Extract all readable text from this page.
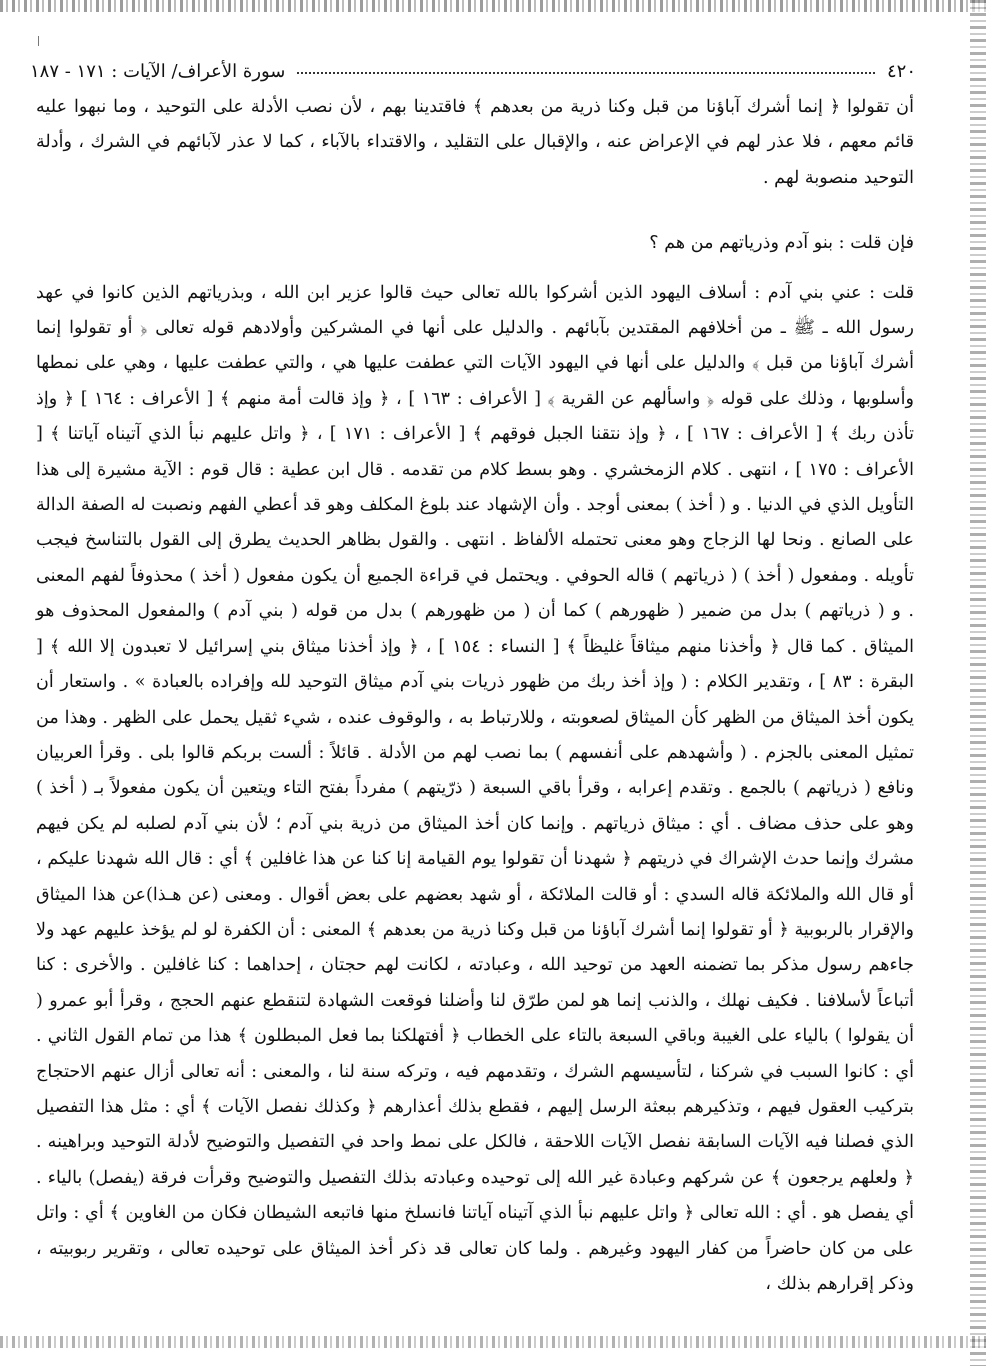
٤٢٠
سورة الأعراف/ الآيات : ١٧١ - ١٨٧

أن تقولوا ﴿ إنما أشرك آباؤنا من قبل وكنا ذرية من بعدهم ﴾ فاقتدينا بهم ، لأن نصب الأدلة على التوحيد ، وما نبهوا عليه قائم معهم ، فلا عذر لهم في الإعراض عنه ، والإقبال على التقليد ، والاقتداء بالآباء ، كما لا عذر لآبائهم في الشرك ، وأدلة التوحيد منصوبة لهم .

فإن قلت : بنو آدم وذرياتهم من هم ؟

قلت : عني بني آدم : أسلاف اليهود الذين أشركوا بالله تعالى حيث قالوا عزير ابن الله ، وبذرياتهم الذين كانوا في عهد رسول الله ـ ﷺ ـ من أخلافهم المقتدين بآبائهم . والدليل على أنها في المشركين وأولادهم قوله تعالى ﴿ أو تقولوا إنما أشرك آباؤنا من قبل ﴾ والدليل على أنها في اليهود الآيات التي عطفت عليها هي ، والتي عطفت عليها ، وهي على نمطها وأسلوبها ، وذلك على قوله ﴿ واسألهم عن القرية ﴾ [ الأعراف : ١٦٣ ] ، ﴿ وإذ قالت أمة منهم ﴾ [ الأعراف : ١٦٤ ] ﴿ وإذ تأذن ربك ﴾ [ الأعراف : ١٦٧ ] ، ﴿ وإذ نتقنا الجبل فوقهم ﴾ [ الأعراف : ١٧١ ] ، ﴿ واتل عليهم نبأ الذي آتيناه آياتنا ﴾ [ الأعراف : ١٧٥ ] ، انتهى . كلام الزمخشري . وهو بسط كلام من تقدمه . قال ابن عطية : قال قوم : الآية مشيرة إلى هذا التأويل الذي في الدنيا . و ( أخذ ) بمعنى أوجد . وأن الإشهاد عند بلوغ المكلف وهو قد أعطي الفهم ونصبت له الصفة الدالة على الصانع . ونحا لها الزجاج وهو معنى تحتمله الألفاظ . انتهى . والقول بظاهر الحديث يطرق إلى القول بالتناسخ فيجب تأويله . ومفعول ( أخذ ) ( ذرياتهم ) قاله الحوفي . ويحتمل في قراءة الجميع أن يكون مفعول ( أخذ ) محذوفاً لفهم المعنى . و ( ذرياتهم ) بدل من ضمير ( ظهورهم ) كما أن ( من ظهورهم ) بدل من قوله ( بني آدم ) والمفعول المحذوف هو الميثاق . كما قال ﴿ وأخذنا منهم ميثاقاً غليظاً ﴾ [ النساء : ١٥٤ ] ، ﴿ وإذ أخذنا ميثاق بني إسرائيل لا تعبدون إلا الله ﴾ [ البقرة : ٨٣ ] ، وتقدير الكلام : ( وإذ أخذ ربك من ظهور ذريات بني آدم ميثاق التوحيد لله وإفراده بالعبادة » . واستعار أن يكون أخذ الميثاق من الظهر كأن الميثاق لصعوبته ، وللارتباط به ، والوقوف عنده ، شيء ثقيل يحمل على الظهر . وهذا من تمثيل المعنى بالجزم . ( وأشهدهم على أنفسهم ) بما نصب لهم من الأدلة . قائلاً : ألست بربكم قالوا بلى . وقرأ العربيان ونافع ( ذرياتهم ) بالجمع . وتقدم إعرابه ، وقرأ باقي السبعة ( ذرّيتهم ) مفرداً بفتح التاء ويتعين أن يكون مفعولاً بـ ( أخذ ) وهو على حذف مضاف . أي : ميثاق ذرياتهم . وإنما كان أخذ الميثاق من ذرية بني آدم ؛ لأن بني آدم لصلبه لم يكن فيهم مشرك وإنما حدث الإشراك في ذريتهم ﴿ شهدنا أن تقولوا يوم القيامة إنا كنا عن هذا غافلين ﴾ أي : قال الله شهدنا عليكم ، أو قال الله والملائكة قاله السدي : أو قالت الملائكة ، أو شهد بعضهم على بعض أقوال . ومعنى (عن هـذا)عن هذا الميثاق والإقرار بالربوبية ﴿ أو تقولوا إنما أشرك آباؤنا من قبل وكنا ذرية من بعدهم ﴾ المعنى : أن الكفرة لو لم يؤخذ عليهم عهد ولا جاءهم رسول مذكر بما تضمنه العهد من توحيد الله ، وعبادته ، لكانت لهم حجتان ، إحداهما : كنا غافلين . والأخرى : كنا أتباعاً لأسلافنا . فكيف نهلك ، والذنب إنما هو لمن طرّق لنا وأضلنا فوقعت الشهادة لتنقطع عنهم الحجج ، وقرأ أبو عمرو ( أن يقولوا ) بالياء على الغيبة وباقي السبعة بالتاء على الخطاب ﴿ أفتهلكنا بما فعل المبطلون ﴾ هذا من تمام القول الثاني . أي : كانوا السبب في شركنا ، لتأسيسهم الشرك ، وتقدمهم فيه ، وتركه سنة لنا ، والمعنى : أنه تعالى أزال عنهم الاحتجاج بتركيب العقول فيهم ، وتذكيرهم ببعثة الرسل إليهم ، فقطع بذلك أعذارهم ﴿ وكذلك نفصل الآيات ﴾ أي : مثل هذا التفصيل الذي فصلنا فيه الآيات السابقة نفصل الآيات اللاحقة ، فالكل على نمط واحد في التفصيل والتوضيح لأدلة التوحيد وبراهينه . ﴿ ولعلهم يرجعون ﴾ عن شركهم وعبادة غير الله إلى توحيده وعبادته بذلك التفصيل والتوضيح وقرأت فرقة (يفصل) بالياء . أي يفصل هو . أي : الله تعالى ﴿ واتل عليهم نبأ الذي آتيناه آياتنا فانسلخ منها فاتبعه الشيطان فكان من الغاوين ﴾ أي : واتل على من كان حاضراً من كفار اليهود وغيرهم . ولما كان تعالى قد ذكر أخذ الميثاق على توحيده تعالى ، وتقرير ربوبيته ، وذكر إقرارهم بذلك ،
